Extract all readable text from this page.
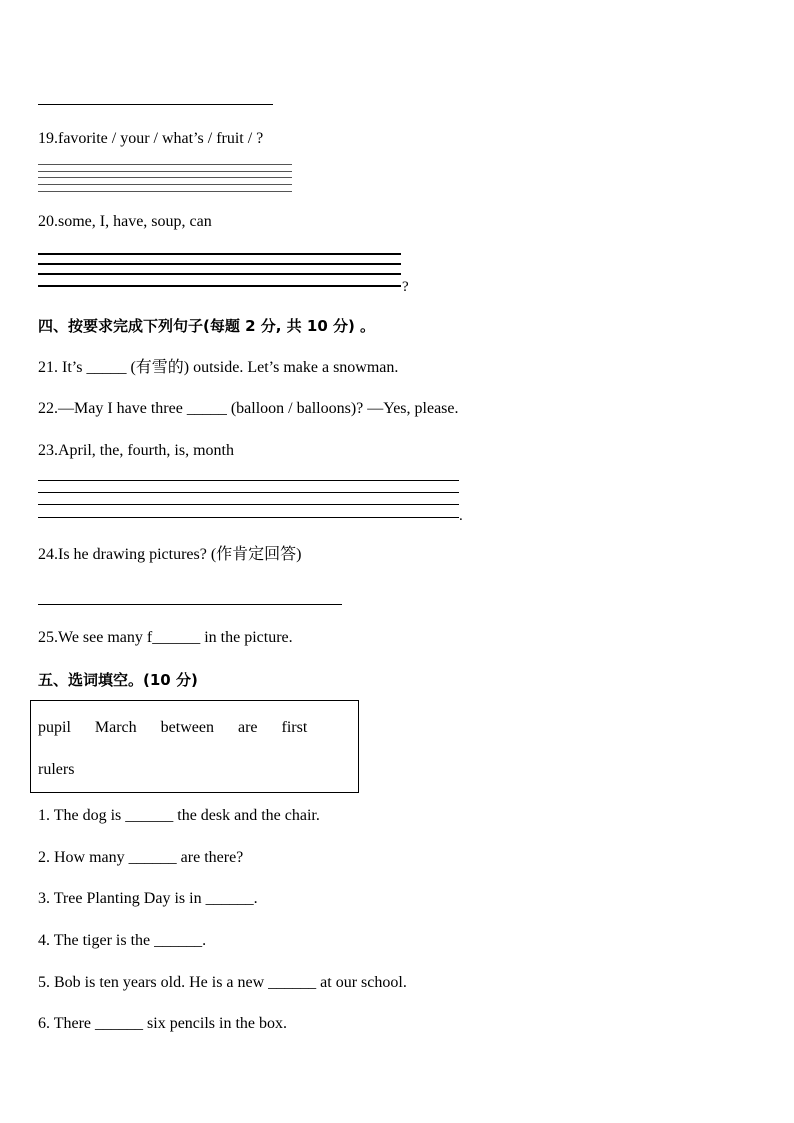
19.favorite / your / what’s / fruit / ?
20.some, I, have, soup, can
?
四、按要求完成下列句子(每题 2 分, 共 10 分) 。
21. It’s _____ (有雪的) outside. Let’s make a snowman.
22.—May I have three _____ (balloon / balloons)? —Yes, please.
23.April, the, fourth, is, month
.
24.Is he drawing pictures? (作肯定回答)
25.We see many f______ in the picture.
五、选词填空。(10 分)
pupil March between are first
rulers
1. The dog is ______ the desk and the chair.
2. How many ______ are there?
3. Tree Planting Day is in ______.
4. The tiger is the ______.
5. Bob is ten years old. He is a new ______ at our school.
6. There ______ six pencils in the box.
